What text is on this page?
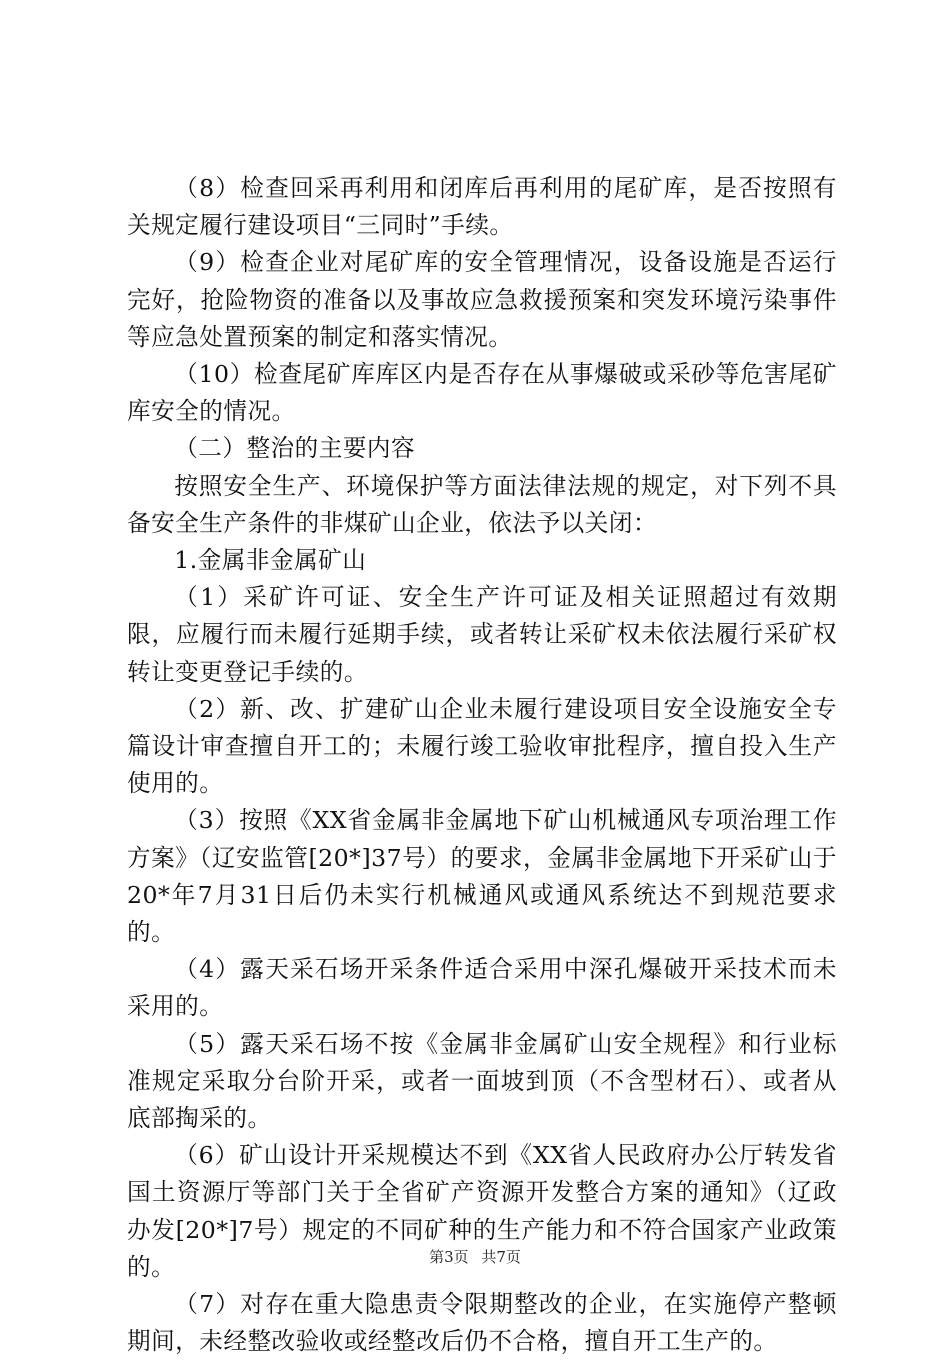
（8）检查回采再利用和闭库后再利用的尾矿库，是否按照有关规定履行建设项目“三同时”手续。

（9）检查企业对尾矿库的安全管理情况，设备设施是否运行完好，抢险物资的准备以及事故应急救援预案和突发环境污染事件等应急处置预案的制定和落实情况。

（10）检查尾矿库库区内是否存在从事爆破或采砂等危害尾矿库安全的情况。

（二）整治的主要内容

按照安全生产、环境保护等方面法律法规的规定，对下列不具备安全生产条件的非煤矿山企业，依法予以关闭：

1.金属非金属矿山

（1）采矿许可证、安全生产许可证及相关证照超过有效期限，应履行而未履行延期手续，或者转让采矿权未依法履行采矿权转让变更登记手续的。

（2）新、改、扩建矿山企业未履行建设项目安全设施安全专篇设计审查擅自开工的；未履行竣工验收审批程序，擅自投入生产使用的。

（3）按照《XX省金属非金属地下矿山机械通风专项治理工作方案》（辽安监管[20*]37号）的要求，金属非金属地下开采矿山于20*年7月31日后仍未实行机械通风或通风系统达不到规范要求的。

（4）露天采石场开采条件适合采用中深孔爆破开采技术而未采用的。

（5）露天采石场不按《金属非金属矿山安全规程》和行业标准规定采取分台阶开采，或者一面坡到顶（不含型材石）、或者从底部掏采的。

（6）矿山设计开采规模达不到《XX省人民政府办公厅转发省国土资源厅等部门关于全省矿产资源开发整合方案的通知》（辽政办发[20*]7号）规定的不同矿种的生产能力和不符合国家产业政策的。

（7）对存在重大隐患责令限期整改的企业，在实施停产整顿期间，未经整改验收或经整改后仍不合格，擅自开工生产的。

第3页 共7页
